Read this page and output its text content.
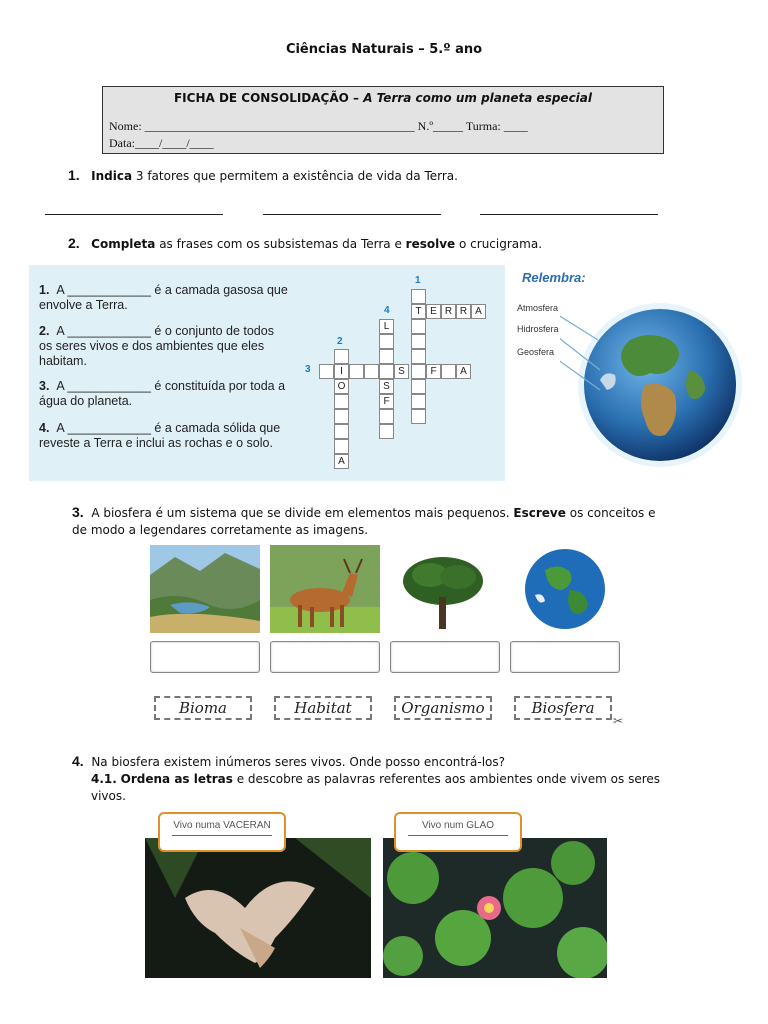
Ciências Naturais – 5.º ano
FICHA DE CONSOLIDAÇÃO – A Terra como um planeta especial
Nome: _____________________________________________ N.º_____ Turma: ____
Data:____/____/____
1. Indica 3 fatores que permitem a existência de vida da Terra.
2. Completa as frases com os subsistemas da Terra e resolve o crucigrama.
1. A ____________ é a camada gasosa que envolve a Terra.
2. A ____________ é o conjunto de todos os seres vivos e dos ambientes que eles habitam.
3. A ____________ é constituída por toda a água do planeta.
4. A ____________ é a camada sólida que reveste a Terra e inclui as rochas e o solo.
1
2
3
4	T E R R A
L
S
F
I	S	F	A
O
A
Relembra:
Atmosfera
Hidrosfera
Geosfera
3. A biosfera é um sistema que se divide em elementos mais pequenos. Escreve os conceitos e de modo a legendares corretamente as imagens.
Bioma	Habitat	Organismo	Biosfera
✂
4. Na biosfera existem inúmeros seres vivos. Onde posso encontrá-los?
4.1. Ordena as letras e descobre as palavras referentes aos ambientes onde vivem os seres vivos.
Vivo numa VACERAN	Vivo num GLAO
